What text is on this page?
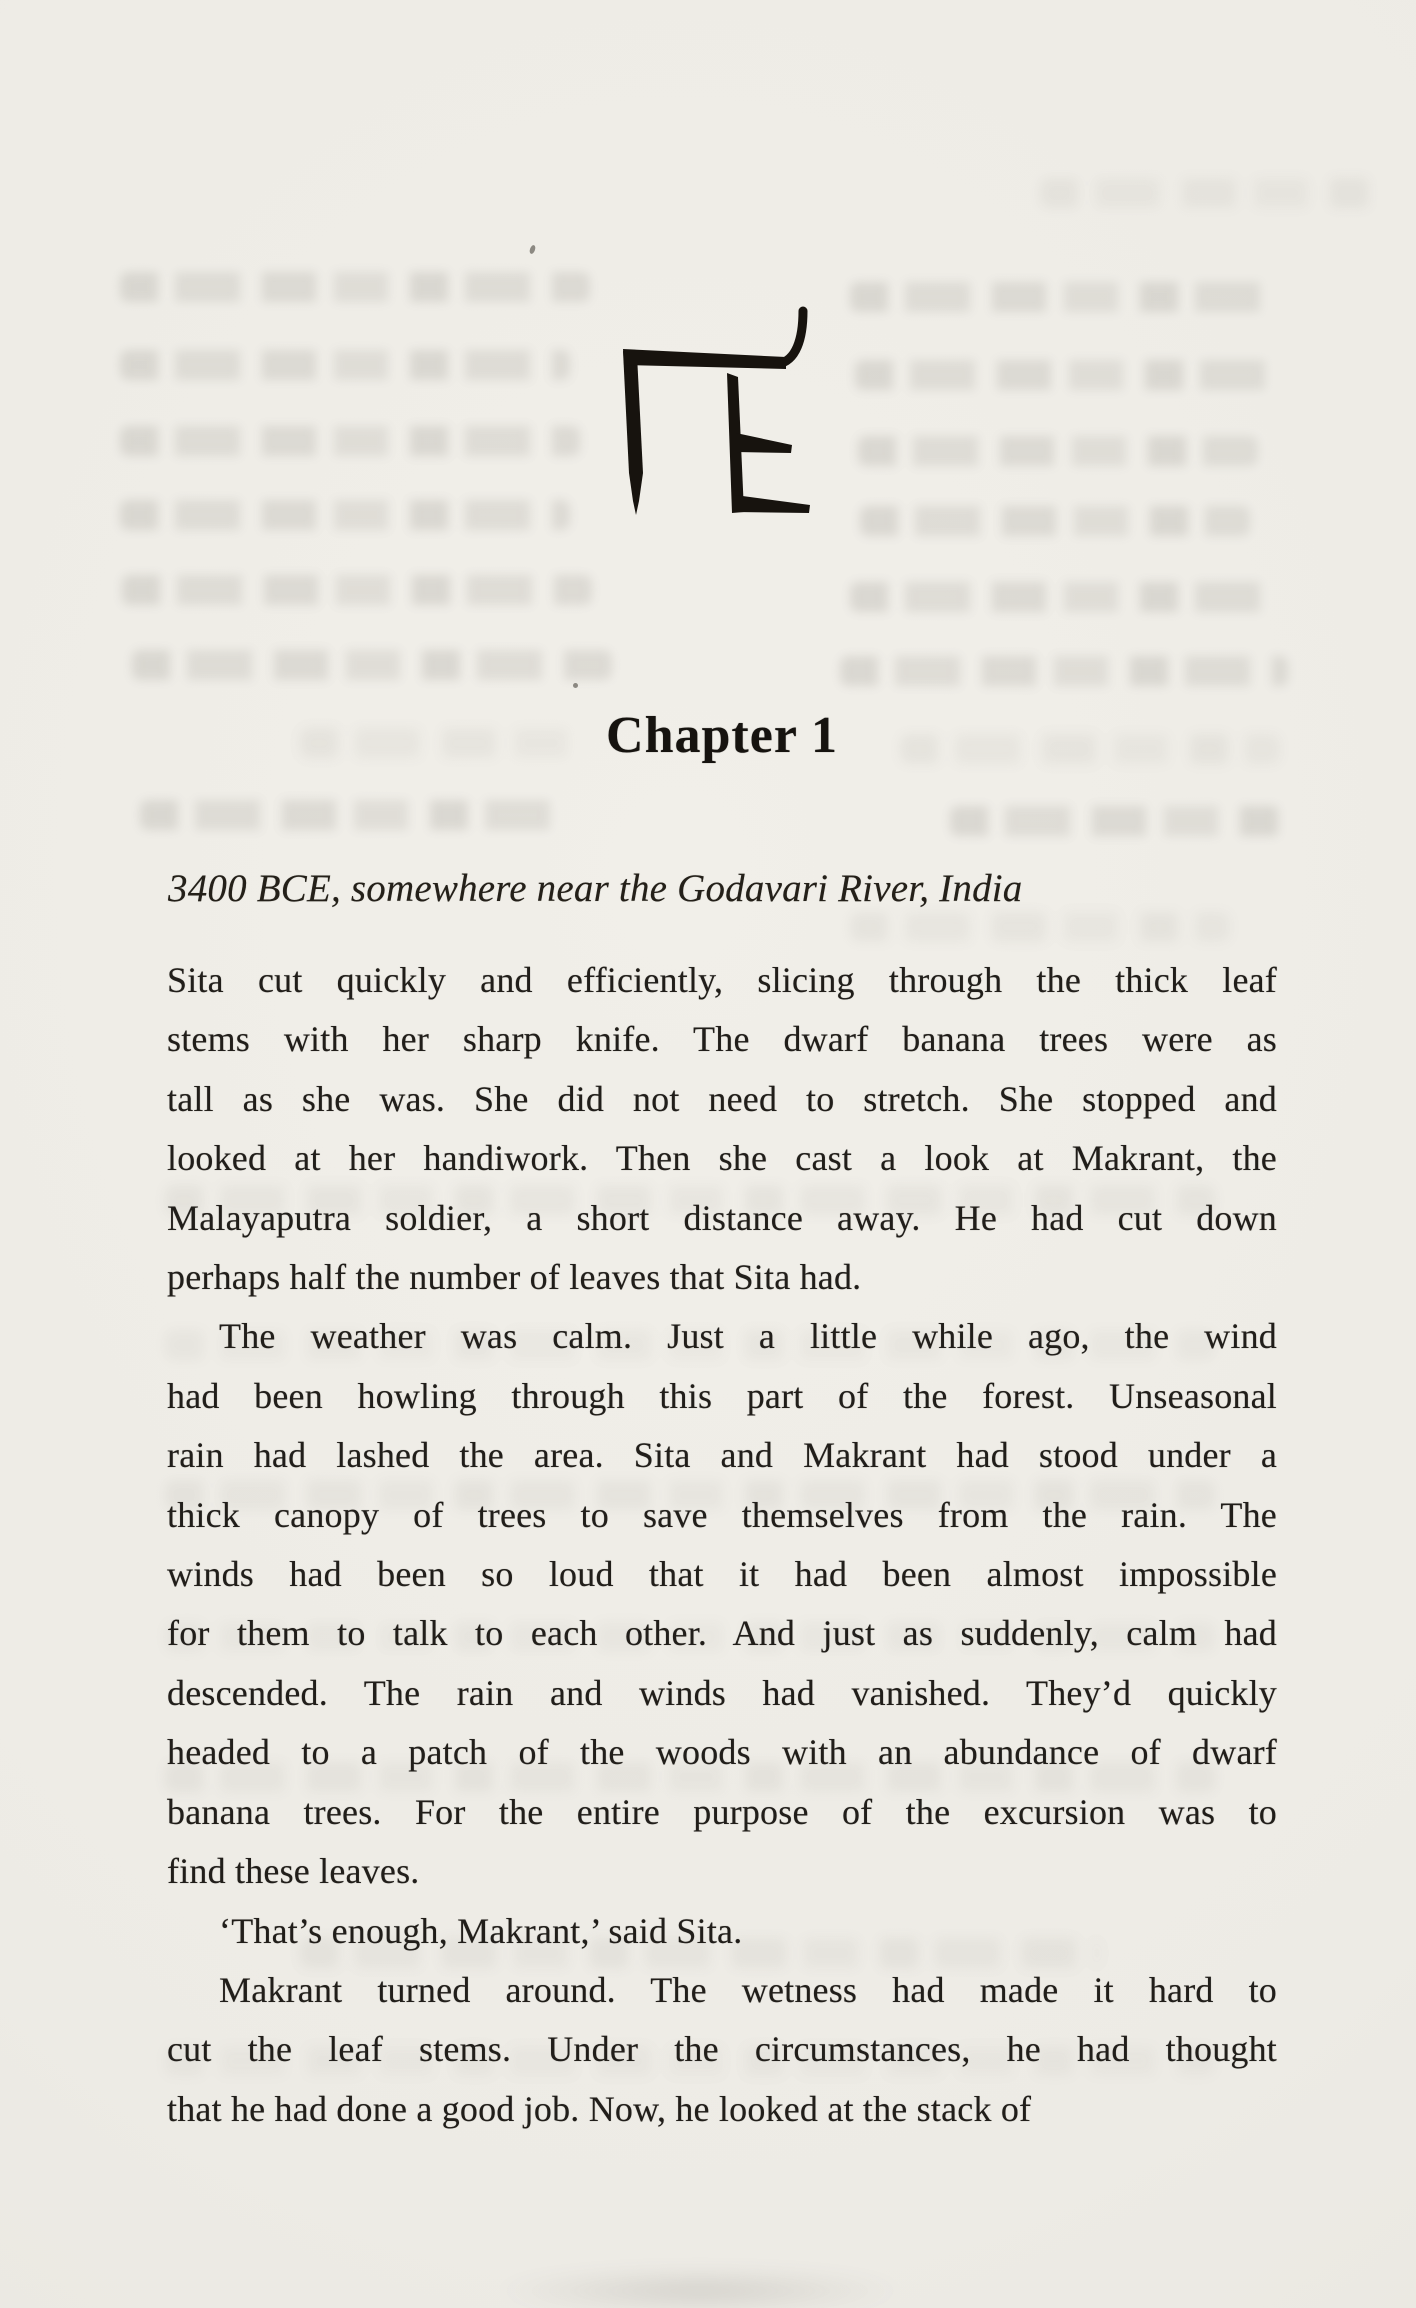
Chapter 1
3400 BCE, somewhere near the Godavari River, India
Sita cut quickly and efficiently, slicing through the thick leaf
stems with her sharp knife. The dwarf banana trees were as
tall as she was. She did not need to stretch. She stopped and
looked at her handiwork. Then she cast a look at Makrant, the
Malayaputra soldier, a short distance away. He had cut down
perhaps half the number of leaves that Sita had.
The weather was calm. Just a little while ago, the wind
had been howling through this part of the forest. Unseasonal
rain had lashed the area. Sita and Makrant had stood under a
thick canopy of trees to save themselves from the rain. The
winds had been so loud that it had been almost impossible
for them to talk to each other. And just as suddenly, calm had
descended. The rain and winds had vanished. They’d quickly
headed to a patch of the woods with an abundance of dwarf
banana trees. For the entire purpose of the excursion was to
find these leaves.
‘That’s enough, Makrant,’ said Sita.
Makrant turned around. The wetness had made it hard to
cut the leaf stems. Under the circumstances, he had thought
that he had done a good job. Now, he looked at the stack of
